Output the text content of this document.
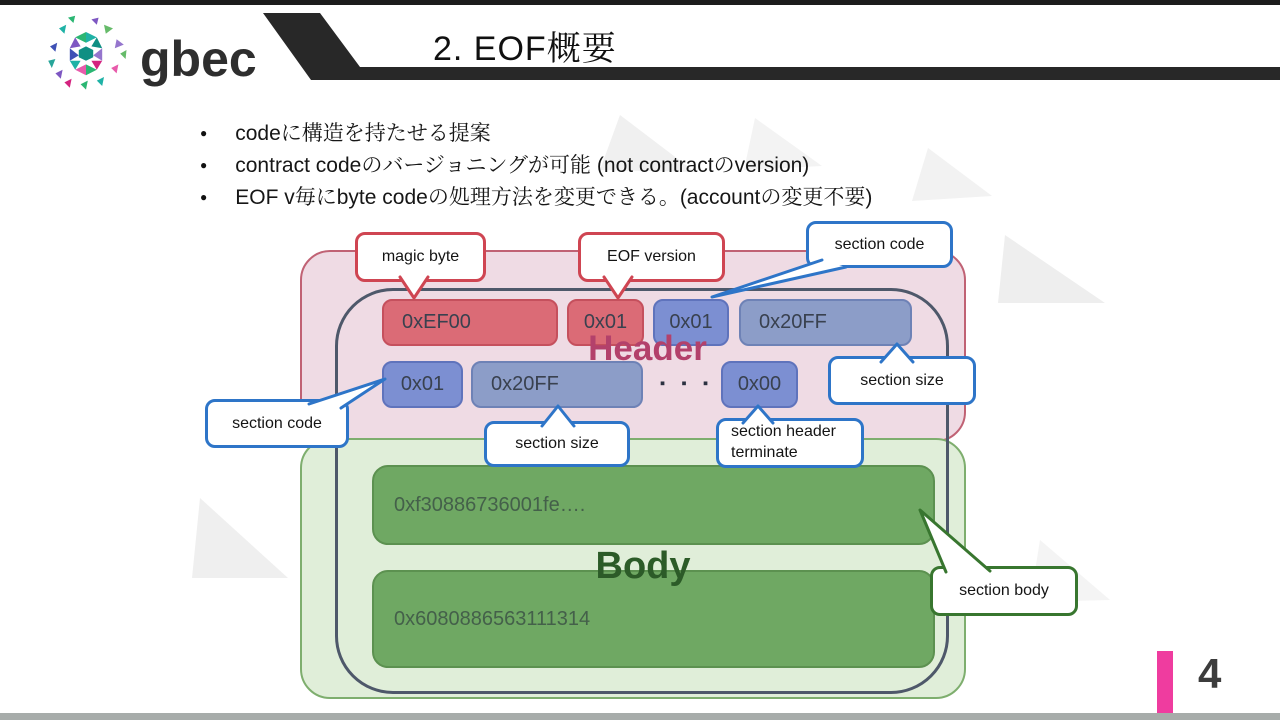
2. EOF概要
gbec
● codeに構造を持たせる提案
● contract codeのバージョニングが可能 (not contractのversion)
● EOF v毎にbyte codeの処理方法を変更できる。(accountの変更不要)
0xEF00	0x01	0x01	0x20FF
0x01	0x20FF	▪ ▪ ▪	0x00
Header
0xf30886736001fe….
0x6080886563111314
Body
magic byte	EOF version
section code
section size
section code
section size
section header terminate
section body
4
